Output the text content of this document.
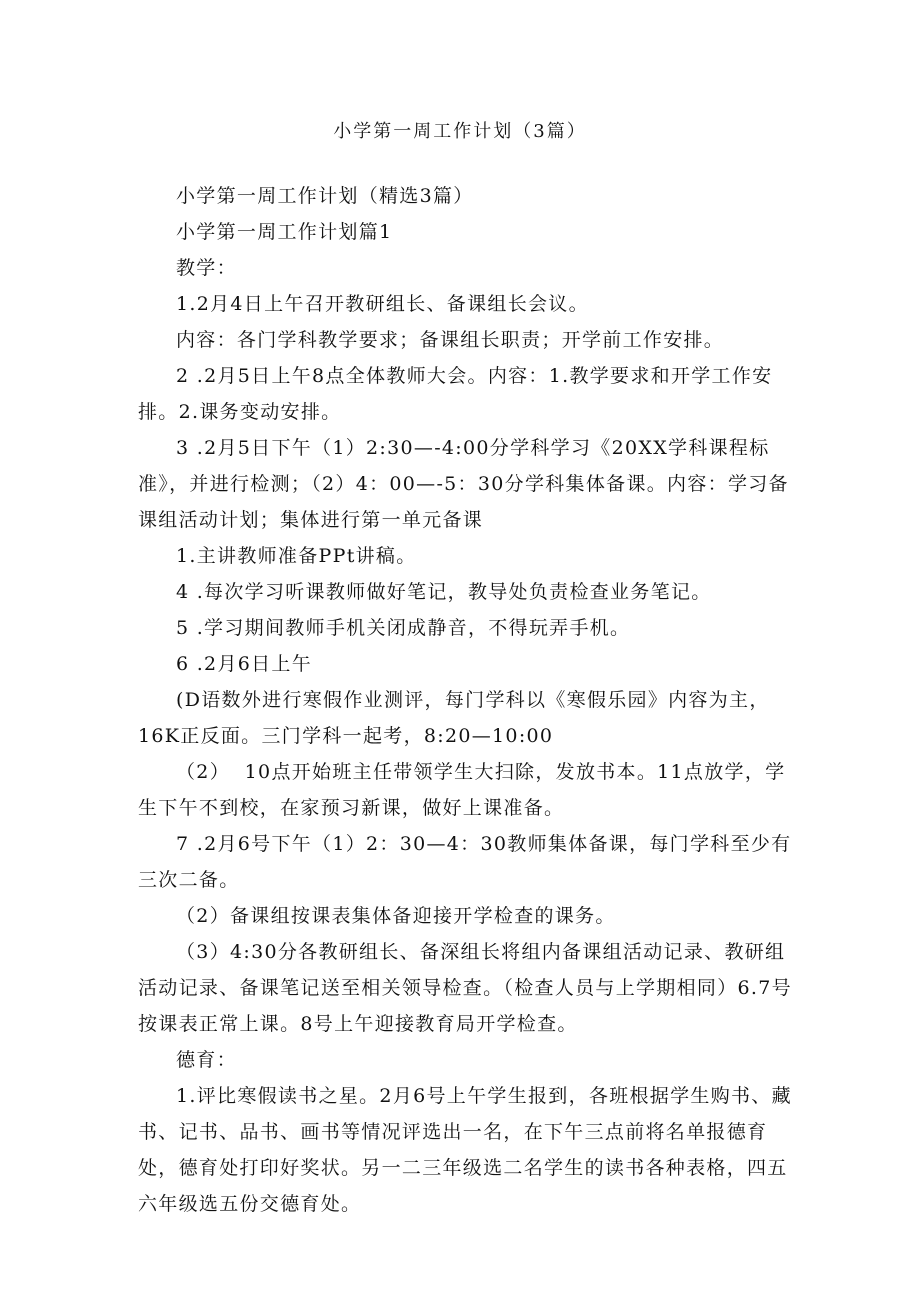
小学第一周工作计划（3篇）

小学第一周工作计划（精选3篇）

小学第一周工作计划篇1

教学：

1.2月4日上午召开教研组长、备课组长会议。

内容：各门学科教学要求；备课组长职责；开学前工作安排。

2 .2月5日上午8点全体教师大会。内容：1.教学要求和开学工作安排。2.课务变动安排。

3 .2月5日下午（1）2:30—-4:00分学科学习《20XX学科课程标准》，并进行检测；（2）4：00—-5：30分学科集体备课。内容：学习备课组活动计划；集体进行第一单元备课

1.主讲教师准备PPt讲稿。

4	.每次学习听课教师做好笔记，教导处负责检查业务笔记。

5	.学习期间教师手机关闭成静音，不得玩弄手机。

6	.2月6日上午

(D语数外进行寒假作业测评，每门学科以《寒假乐园》内容为主，16K正反面。三门学科一起考，8:20—10:00

（2）  10点开始班主任带领学生大扫除，发放书本。11点放学，学生下午不到校，在家预习新课，做好上课准备。

7 .2月6号下午（1）2：30—4：30教师集体备课，每门学科至少有三次二备。

（2）备课组按课表集体备迎接开学检查的课务。

（3）4:30分各教研组长、备深组长将组内备课组活动记录、教研组活动记录、备课笔记送至相关领导检查。（检查人员与上学期相同）6.7号按课表正常上课。8号上午迎接教育局开学检查。

德育：

1.评比寒假读书之星。2月6号上午学生报到，各班根据学生购书、藏书、记书、品书、画书等情况评选出一名，在下午三点前将名单报德育处，德育处打印好奖状。另一二三年级选二名学生的读书各种表格，四五六年级选五份交德育处。
